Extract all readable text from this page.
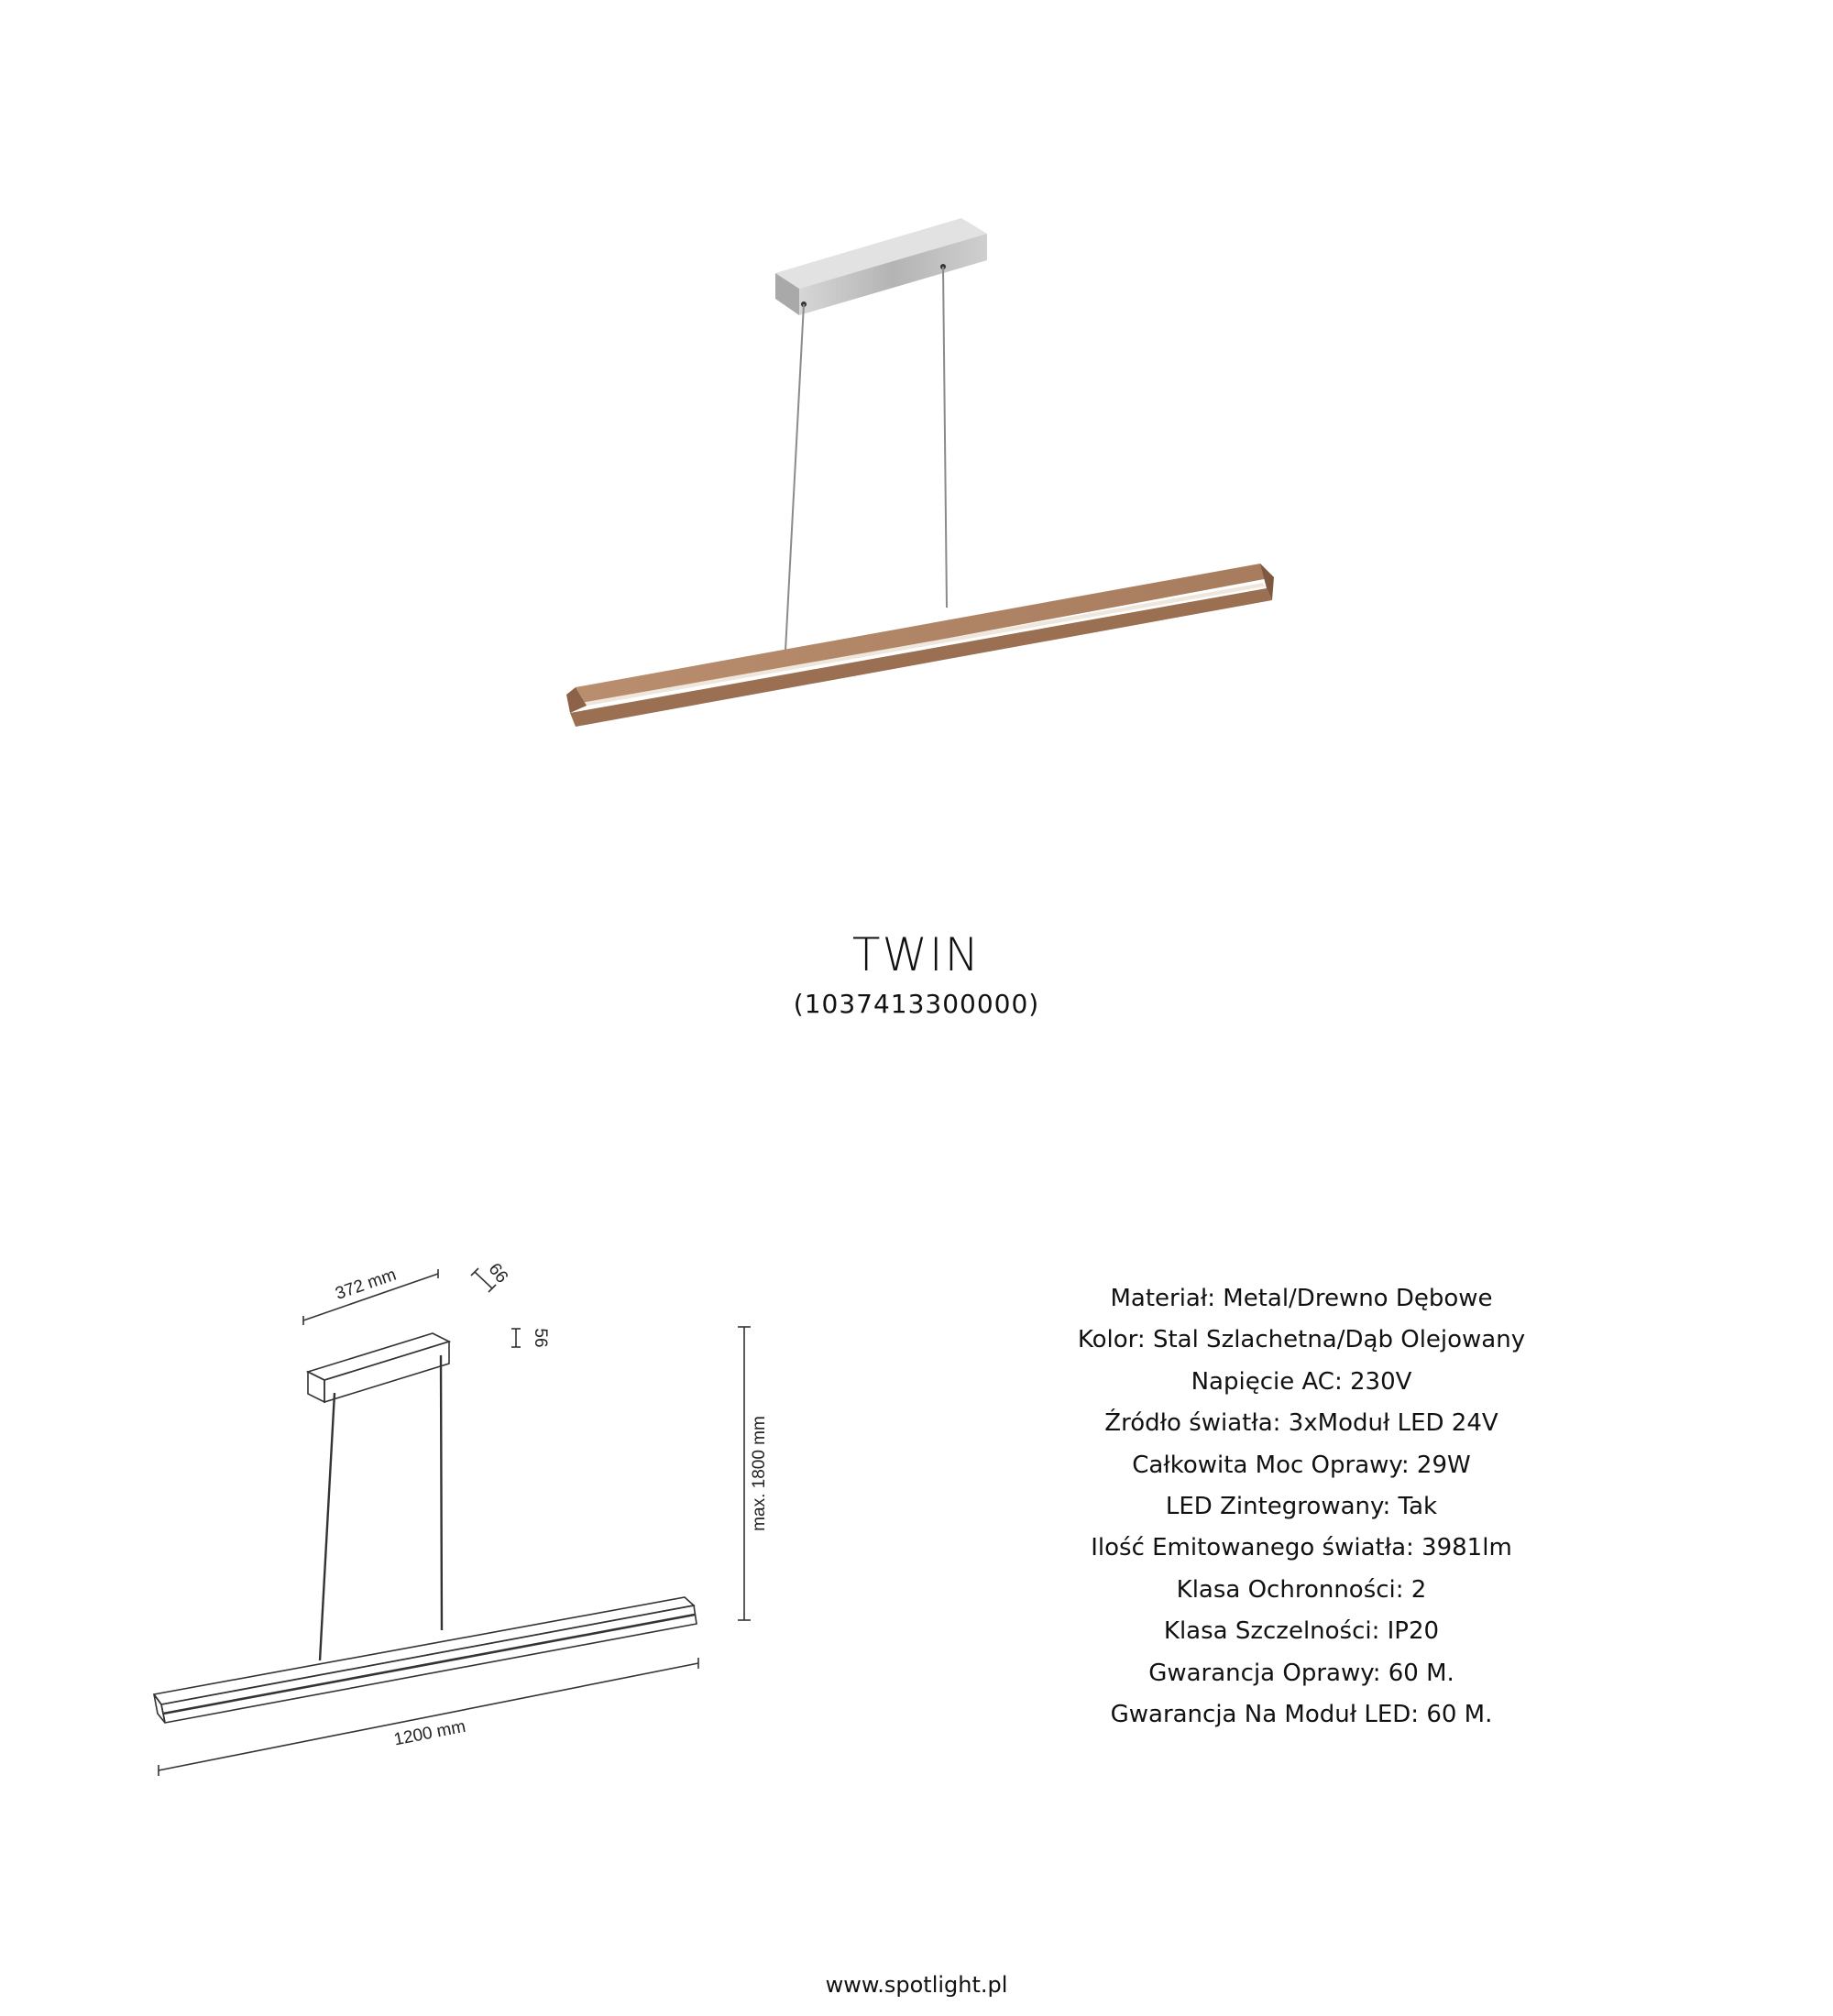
TWIN
(1037413300000)
372 mm	66
56
max. 1800 mm
1200 mm
Materiał: Metal/Drewno Dębowe
Kolor: Stal Szlachetna/Dąb Olejowany
Napięcie AC: 230V
Źródło światła: 3xModuł LED 24V
Całkowita Moc Oprawy: 29W
LED Zintegrowany: Tak
Ilość Emitowanego światła: 3981lm
Klasa Ochronności: 2
Klasa Szczelności: IP20
Gwarancja Oprawy: 60 M.
Gwarancja Na Moduł LED: 60 M.
www.spotlight.pl
